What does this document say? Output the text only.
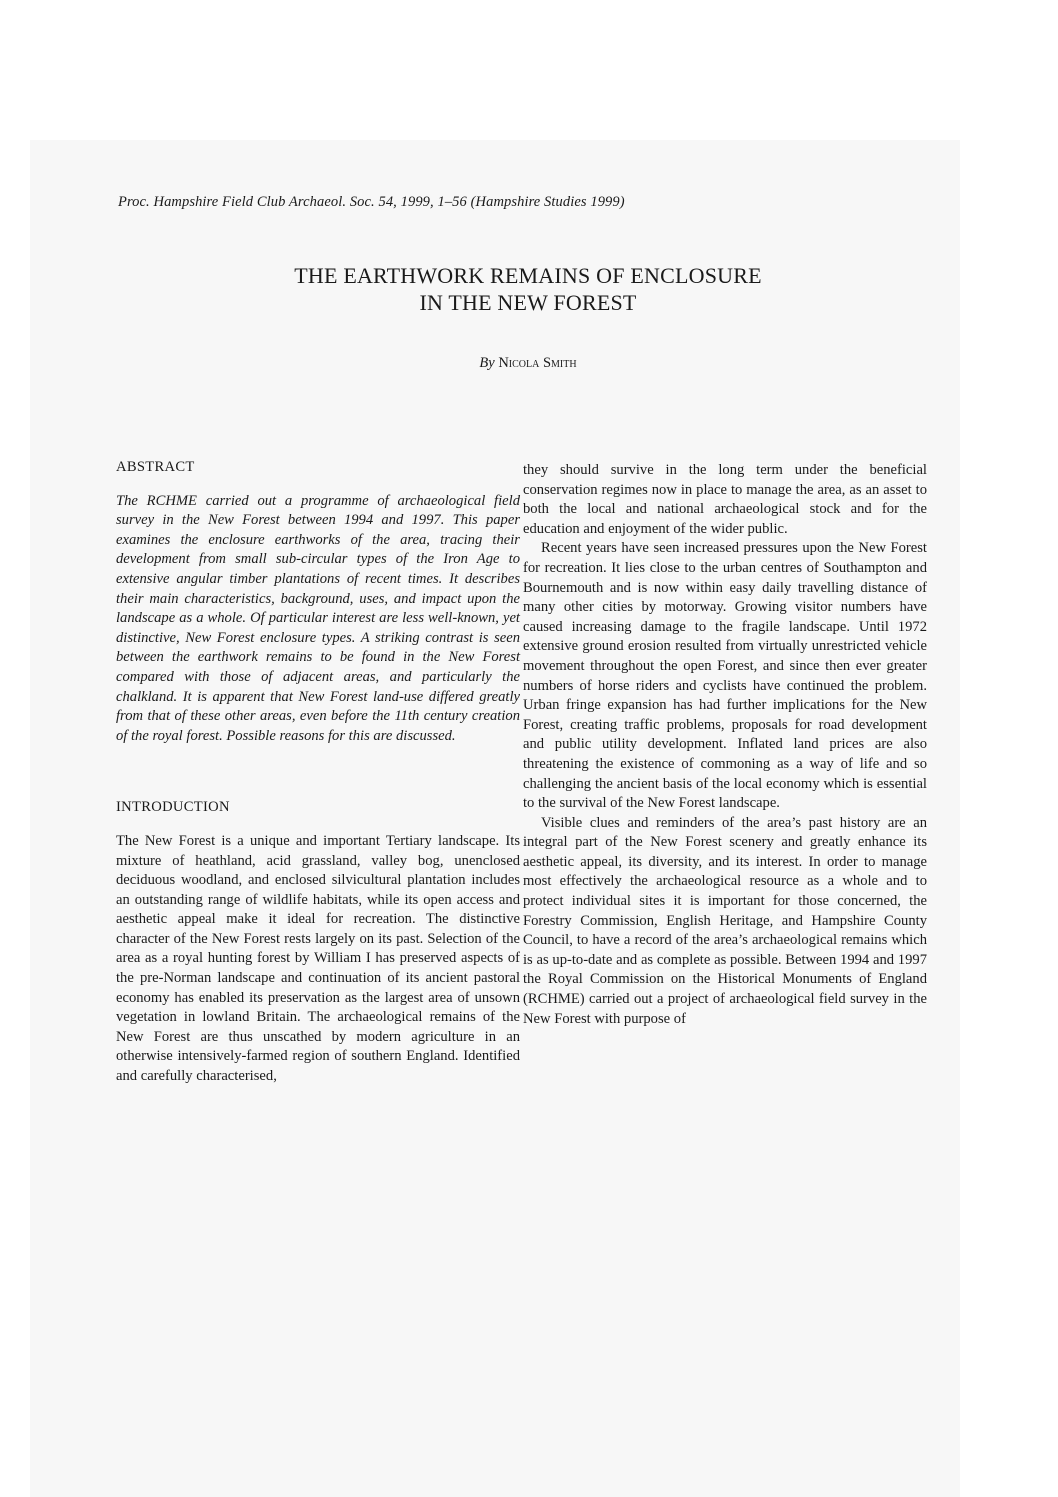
Proc. Hampshire Field Club Archaeol. Soc. 54, 1999, 1–56 (Hampshire Studies 1999)
THE EARTHWORK REMAINS OF ENCLOSURE
IN THE NEW FOREST
By Nicola Smith
ABSTRACT

The RCHME carried out a programme of archaeological field survey in the New Forest between 1994 and 1997. This paper examines the enclosure earthworks of the area, tracing their development from small sub-circular types of the Iron Age to extensive angular timber plantations of recent times. It describes their main characteristics, background, uses, and impact upon the landscape as a whole. Of particular interest are less well-known, yet distinctive, New Forest enclosure types. A striking contrast is seen between the earthwork remains to be found in the New Forest compared with those of adjacent areas, and particularly the chalkland. It is apparent that New Forest land-use differed greatly from that of these other areas, even before the 11th century creation of the royal forest. Possible reasons for this are discussed.

INTRODUCTION

The New Forest is a unique and important Tertiary landscape. Its mixture of heathland, acid grassland, valley bog, unenclosed deciduous woodland, and enclosed silvicultural plantation includes an outstanding range of wildlife habitats, while its open access and aesthetic appeal make it ideal for recreation. The distinctive character of the New Forest rests largely on its past. Selection of the area as a royal hunting forest by William I has preserved aspects of the pre-Norman landscape and continuation of its ancient pastoral economy has enabled its preservation as the largest area of unsown vegetation in lowland Britain. The archaeological remains of the New Forest are thus unscathed by modern agriculture in an otherwise intensively-farmed region of southern England. Identified and carefully characterised,

they should survive in the long term under the beneficial conservation regimes now in place to manage the area, as an asset to both the local and national archaeological stock and for the education and enjoyment of the wider public.

Recent years have seen increased pressures upon the New Forest for recreation. It lies close to the urban centres of Southampton and Bournemouth and is now within easy daily travelling distance of many other cities by motorway. Growing visitor numbers have caused increasing damage to the fragile landscape. Until 1972 extensive ground erosion resulted from virtually unrestricted vehicle movement throughout the open Forest, and since then ever greater numbers of horse riders and cyclists have continued the problem. Urban fringe expansion has had further implications for the New Forest, creating traffic problems, proposals for road development and public utility development. Inflated land prices are also threatening the existence of commoning as a way of life and so challenging the ancient basis of the local economy which is essential to the survival of the New Forest landscape.

Visible clues and reminders of the area’s past history are an integral part of the New Forest scenery and greatly enhance its aesthetic appeal, its diversity, and its interest. In order to manage most effectively the archaeological resource as a whole and to protect individual sites it is important for those concerned, the Forestry Commission, English Heritage, and Hampshire County Council, to have a record of the area’s archaeological remains which is as up-to-date and as complete as possible. Between 1994 and 1997 the Royal Commission on the Historical Monuments of England (RCHME) carried out a project of archaeological field survey in the New Forest with purpose of
